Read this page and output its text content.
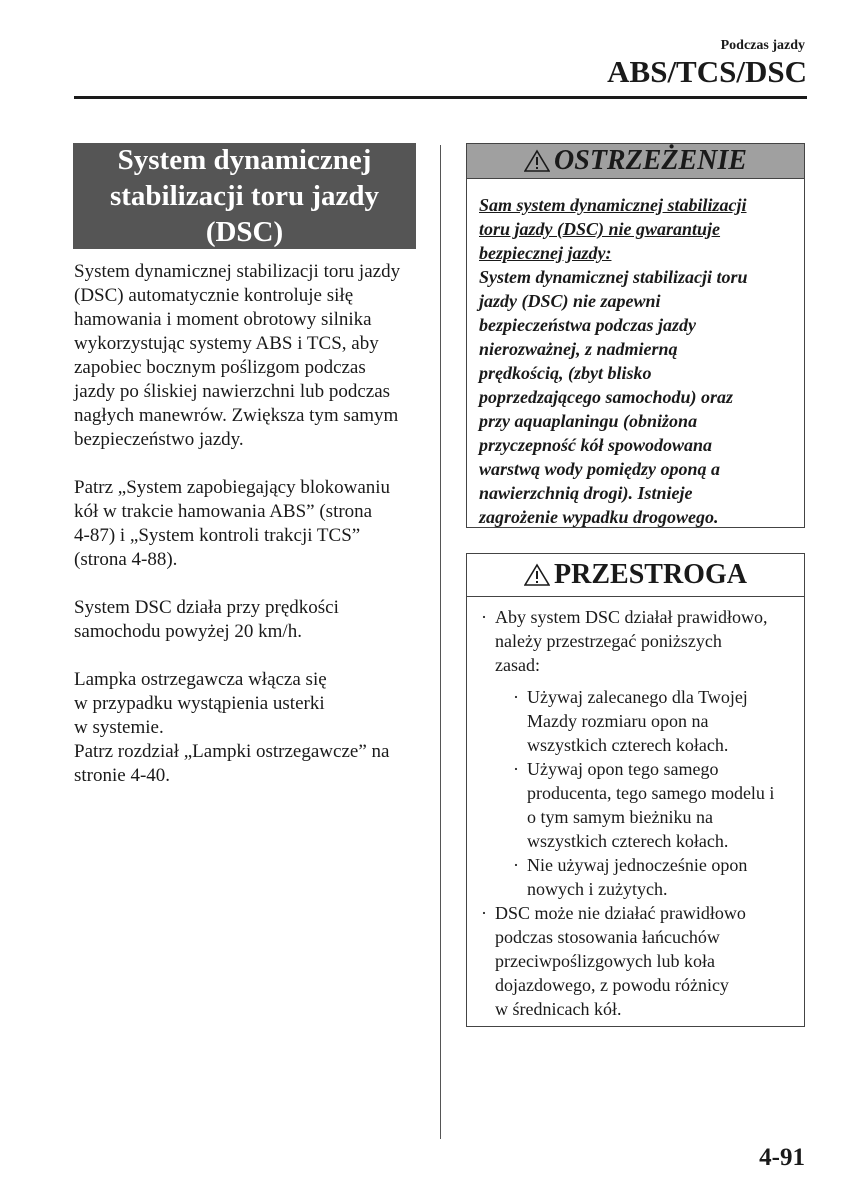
Podczas jazdy
ABS/TCS/DSC
System dynamicznej
stabilizacji toru jazdy
(DSC)

System dynamicznej stabilizacji toru jazdy
(DSC) automatycznie kontroluje siłę
hamowania i moment obrotowy silnika
wykorzystując systemy ABS i TCS, aby
zapobiec bocznym poślizgom podczas
jazdy po śliskiej nawierzchni lub podczas
nagłych manewrów. Zwiększa tym samym
bezpieczeństwo jazdy.

Patrz „System zapobiegający blokowaniu
kół w trakcie hamowania ABS” (strona
4-87) i „System kontroli trakcji TCS”
(strona 4-88).

System DSC działa przy prędkości
samochodu powyżej 20 km/h.

Lampka ostrzegawcza włącza się
w przypadku wystąpienia usterki
w systemie.
Patrz rozdział „Lampki ostrzegawcze” na
stronie 4-40.

OSTRZEŻENIE
Sam system dynamicznej stabilizacji
toru jazdy (DSC) nie gwarantuje
bezpiecznej jazdy:
System dynamicznej stabilizacji toru
jazdy (DSC) nie zapewni
bezpieczeństwa podczas jazdy
nierozważnej, z nadmierną
prędkością, (zbyt blisko
poprzedzającego samochodu) oraz
przy aquaplaningu (obniżona
przyczepność kół spowodowana
warstwą wody pomiędzy oponą a
nawierzchnią drogi). Istnieje
zagrożenie wypadku drogowego.
PRZESTROGA
· Aby system DSC działał prawidłowo,
należy przestrzegać poniższych
zasad:
· Używaj zalecanego dla Twojej
Mazdy rozmiaru opon na
wszystkich czterech kołach.
· Używaj opon tego samego
producenta, tego samego modelu i
o tym samym bieżniku na
wszystkich czterech kołach.
· Nie używaj jednocześnie opon
nowych i zużytych.
· DSC może nie działać prawidłowo
podczas stosowania łańcuchów
przeciwpoślizgowych lub koła
dojazdowego, z powodu różnicy
w średnicach kół.
4-91
